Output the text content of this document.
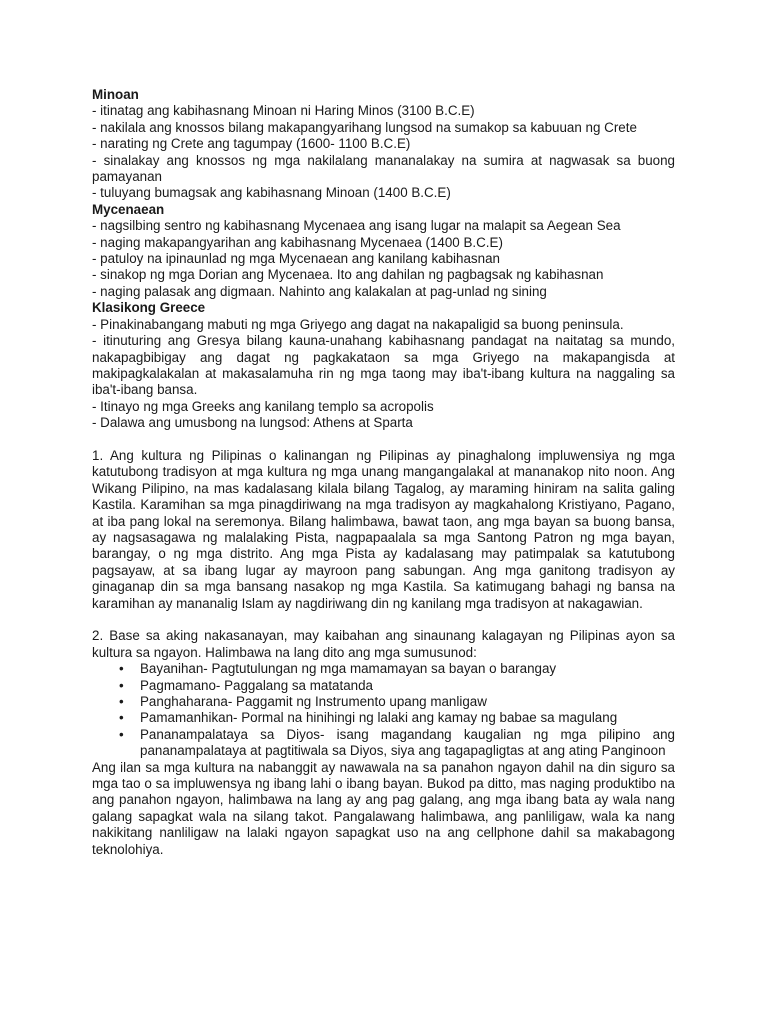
Minoan

- itinatag ang kabihasnang Minoan ni Haring Minos (3100 B.C.E)

- nakilala ang knossos bilang makapangyarihang lungsod na sumakop sa kabuuan ng Crete

- narating ng Crete ang tagumpay (1600- 1100 B.C.E)

- sinalakay ang knossos ng mga nakilalang mananalakay na sumira at nagwasak sa buong pamayanan

- tuluyang bumagsak ang kabihasnang Minoan (1400 B.C.E)

Mycenaean

- nagsilbing sentro ng kabihasnang Mycenaea ang isang lugar na malapit sa Aegean Sea

- naging makapangyarihan ang kabihasnang Mycenaea (1400 B.C.E)

- patuloy na ipinaunlad ng mga Mycenaean ang kanilang kabihasnan

- sinakop ng mga Dorian ang Mycenaea. Ito ang dahilan ng pagbagsak ng kabihasnan

- naging palasak ang digmaan. Nahinto ang kalakalan at pag-unlad ng sining

Klasikong Greece

- Pinakinabangang mabuti ng mga Griyego ang dagat na nakapaligid sa buong peninsula.

- itinuturing ang Gresya bilang kauna-unahang kabihasnang pandagat na naitatag sa mundo, nakapagbibigay ang dagat ng pagkakataon sa mga Griyego na makapangisda at makipagkalakalan at makasalamuha rin ng mga taong may iba't-ibang kultura na naggaling sa iba't-ibang bansa.

- Itinayo ng mga Greeks ang kanilang templo sa acropolis

- Dalawa ang umusbong na lungsod: Athens at Sparta

1. Ang kultura ng Pilipinas o kalinangan ng Pilipinas ay pinaghalong impluwensiya ng mga katutubong tradisyon at mga kultura ng mga unang mangangalakal at mananakop nito noon. Ang Wikang Pilipino, na mas kadalasang kilala bilang Tagalog, ay maraming hiniram na salita galing Kastila. Karamihan sa mga pinagdiriwang na mga tradisyon ay magkahalong Kristiyano, Pagano, at iba pang lokal na seremonya. Bilang halimbawa, bawat taon, ang mga bayan sa buong bansa, ay nagsasagawa ng malalaking Pista, nagpapaalala sa mga Santong Patron ng mga bayan, barangay, o ng mga distrito. Ang mga Pista ay kadalasang may patimpalak sa katutubong pagsayaw, at sa ibang lugar ay mayroon pang sabungan. Ang mga ganitong tradisyon ay ginaganap din sa mga bansang nasakop ng mga Kastila. Sa katimugang bahagi ng bansa na karamihan ay mananalig Islam ay nagdiriwang din ng kanilang mga tradisyon at nakagawian.

2. Base sa aking nakasanayan, may kaibahan ang sinaunang kalagayan ng Pilipinas ayon sa kultura sa ngayon. Halimbawa na lang dito ang mga sumusunod:

• Bayanihan- Pagtutulungan ng mga mamamayan sa bayan o barangay
• Pagmamano- Paggalang sa matatanda
• Panghaharana- Paggamit ng Instrumento upang manligaw
• Pamamanhikan- Pormal na hinihingi ng lalaki ang kamay ng babae sa magulang
• Pananampalataya sa Diyos- isang magandang kaugalian ng mga pilipino ang pananampalataya at pagtitiwala sa Diyos, siya ang tagapagligtas at ang ating Panginoon

Ang ilan sa mga kultura na nabanggit ay nawawala na sa panahon ngayon dahil na din siguro sa mga tao o sa impluwensya ng ibang lahi o ibang bayan. Bukod pa ditto, mas naging produktibo na ang panahon ngayon, halimbawa na lang ay ang pag galang, ang mga ibang bata ay wala nang galang sapagkat wala na silang takot. Pangalawang halimbawa, ang panliligaw, wala ka nang nakikitang nanliligaw na lalaki ngayon sapagkat uso na ang cellphone dahil sa makabagong teknolohiya.
